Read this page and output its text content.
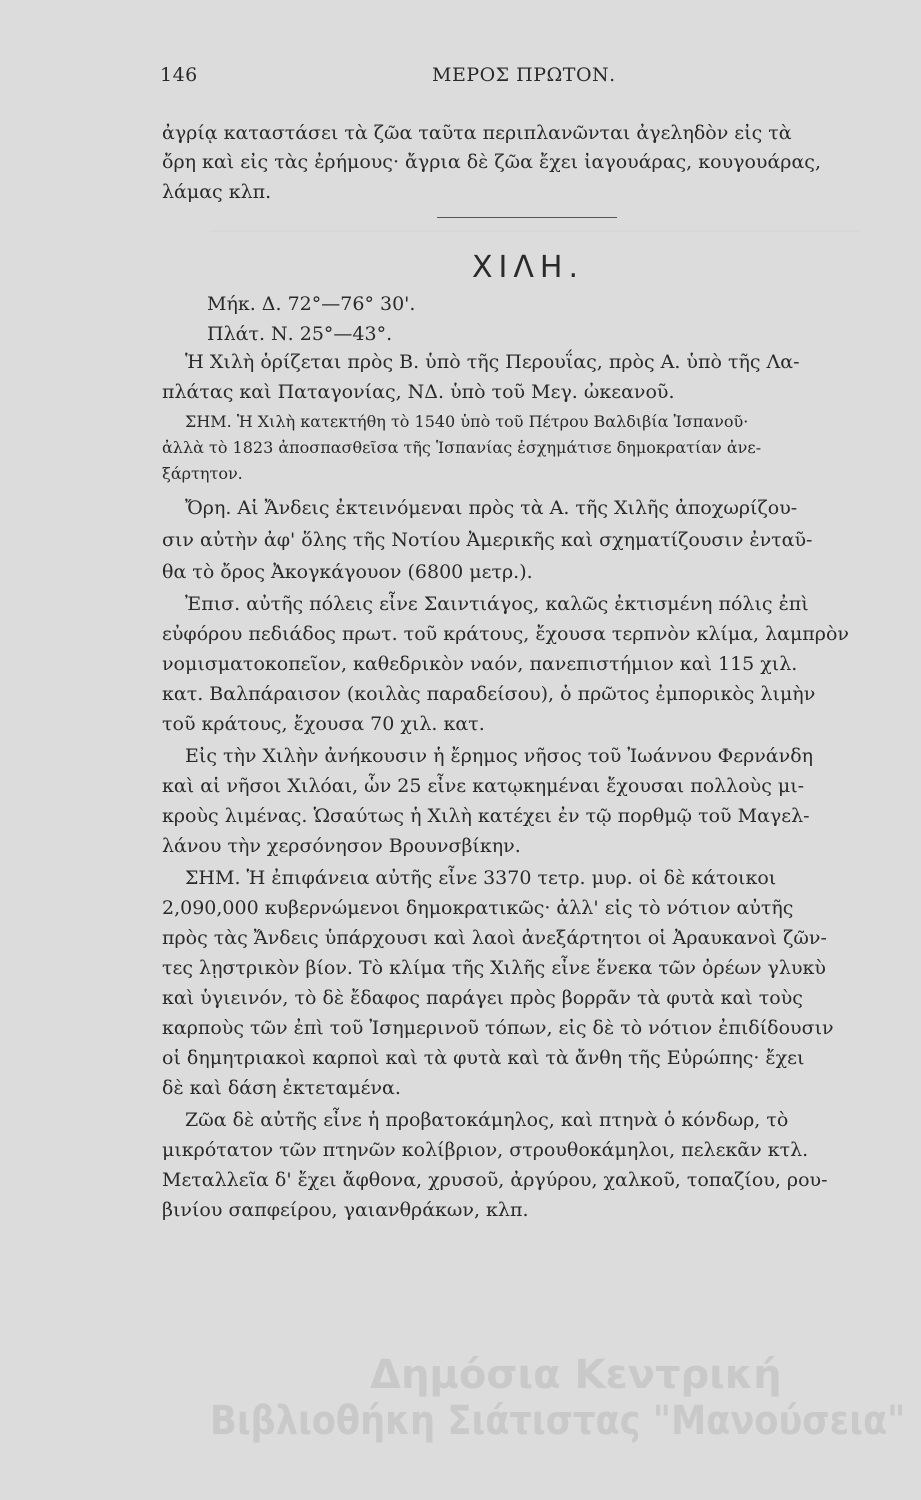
146	ΜΕΡΟΣ ΠΡΩΤΟΝ.
ἀγρίᾳ καταστάσει τὰ ζῶα ταῦτα περιπλανῶνται ἀγεληδὸν εἰς τὰ
ὄρη καὶ εἰς τὰς ἐρήμους· ἄγρια δὲ ζῶα ἔχει ἰαγουάρας, κουγουάρας,
λάμας κλπ.
ΧΙΛΗ.
Μήκ. Δ. 72°—76° 30'.
Πλάτ. Ν. 25°—43°.
Ἡ Χιλὴ ὁρίζεται πρὸς Β. ὑπὸ τῆς Περουΐας, πρὸς Α. ὑπὸ τῆς Λα-
πλάτας καὶ Παταγονίας, ΝΔ. ὑπὸ τοῦ Μεγ. ὠκεανοῦ.
ΣΗΜ. Ἡ Χιλὴ κατεκτήθη τὸ 1540 ὑπὸ τοῦ Πέτρου Βαλδιβία Ἰσπανοῦ·
ἀλλὰ τὸ 1823 ἀποσπασθεῖσα τῆς Ἱσπανίας ἐσχημάτισε δημοκρατίαν ἀνε-
ξάρτητον.
Ὄρη. Αἱ Ἄνδεις ἐκτεινόμεναι πρὸς τὰ Α. τῆς Χιλῆς ἀποχωρίζου-
σιν αὐτὴν ἀφ' ὅλης τῆς Νοτίου Ἀμερικῆς καὶ σχηματίζουσιν ἐνταῦ-
θα τὸ ὄρος Ἀκογκάγουον (6800 μετρ.).
Ἐπισ. αὐτῆς πόλεις εἶνε Σαιντιάγος, καλῶς ἐκτισμένη πόλις ἐπὶ
εὐφόρου πεδιάδος πρωτ. τοῦ κράτους, ἔχουσα τερπνὸν κλίμα, λαμπρὸν
νομισματοκοπεῖον, καθεδρικὸν ναόν, πανεπιστήμιον καὶ 115 χιλ.
κατ. Βαλπάραισον (κοιλὰς παραδείσου), ὁ πρῶτος ἐμπορικὸς λιμὴν
τοῦ κράτους, ἔχουσα 70 χιλ. κατ.
Εἰς τὴν Χιλὴν ἀνήκουσιν ἡ ἔρημος νῆσος τοῦ Ἰωάννου Φερνάνδη
καὶ αἱ νῆσοι Χιλόαι, ὧν 25 εἶνε κατῳκημέναι ἔχουσαι πολλοὺς μι-
κροὺς λιμένας. Ὡσαύτως ἡ Χιλὴ κατέχει ἐν τῷ πορθμῷ τοῦ Μαγελ-
λάνου τὴν χερσόνησον Βρουνσβίκην.
ΣΗΜ. Ἡ ἐπιφάνεια αὐτῆς εἶνε 3370 τετρ. μυρ. οἱ δὲ κάτοικοι
2,090,000 κυβερνώμενοι δημοκρατικῶς· ἀλλ' εἰς τὸ νότιον αὐτῆς
πρὸς τὰς Ἄνδεις ὑπάρχουσι καὶ λαοὶ ἀνεξάρτητοι οἱ Ἀραυκανοὶ ζῶν-
τες λῃστρικὸν βίον. Τὸ κλίμα τῆς Χιλῆς εἶνε ἕνεκα τῶν ὀρέων γλυκὺ
καὶ ὑγιεινόν, τὸ δὲ ἔδαφος παράγει πρὸς βορρᾶν τὰ φυτὰ καὶ τοὺς
καρποὺς τῶν ἐπὶ τοῦ Ἰσημερινοῦ τόπων, εἰς δὲ τὸ νότιον ἐπιδίδουσιν
οἱ δημητριακοὶ καρποὶ καὶ τὰ φυτὰ καὶ τὰ ἄνθη τῆς Εὐρώπης· ἔχει
δὲ καὶ δάση ἐκτεταμένα.
Ζῶα δὲ αὐτῆς εἶνε ἡ προβατοκάμηλος, καὶ πτηνὰ ὁ κόνδωρ, τὸ
μικρότατον τῶν πτηνῶν κολίβριον, στρουθοκάμηλοι, πελεκᾶν κτλ.
Μεταλλεῖα δ' ἔχει ἄφθονα, χρυσοῦ, ἀργύρου, χαλκοῦ, τοπαζίου, ρου-
βινίου σαπφείρου, γαιανθράκων, κλπ.
Δημόσια Κεντρική
Βιβλιοθήκη Σιάτιστας "Μανούσεια"
